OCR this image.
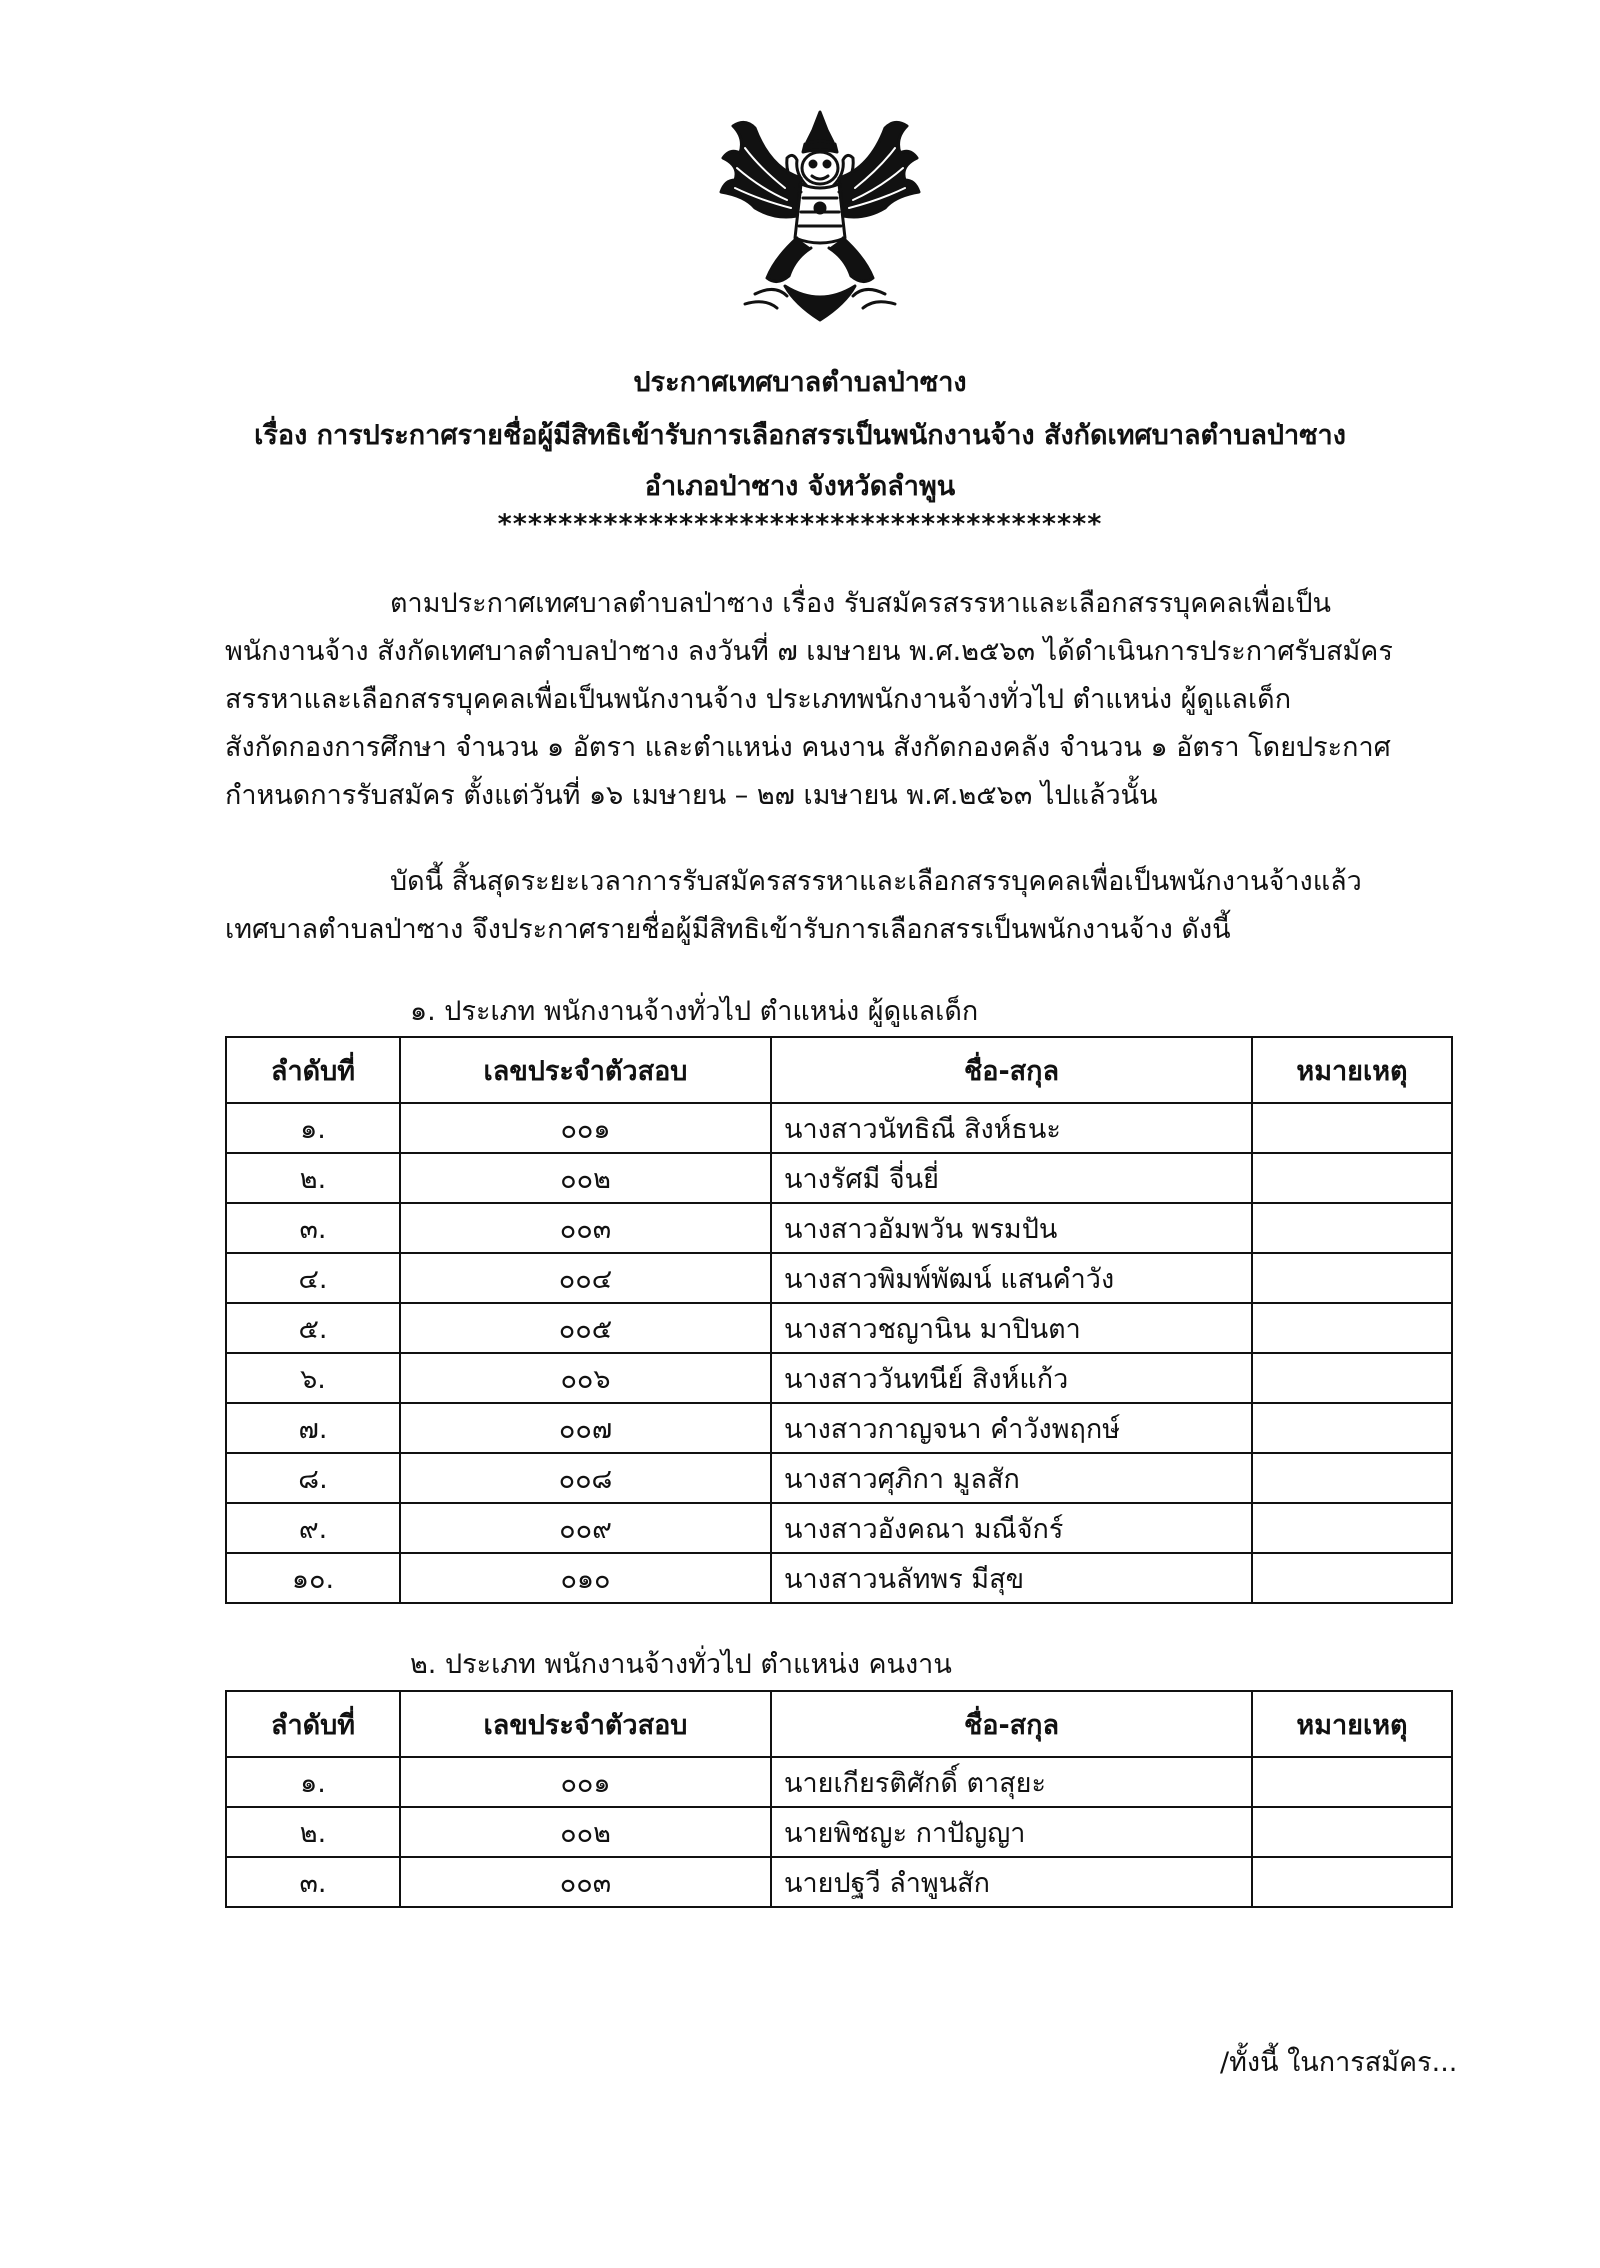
ประกาศเทศบาลตำบลป่าซาง
เรื่อง การประกาศรายชื่อผู้มีสิทธิเข้ารับการเลือกสรรเป็นพนักงานจ้าง สังกัดเทศบาลตำบลป่าซาง
อำเภอป่าซาง จังหวัดลำพูน
****************************************
ตามประกาศเทศบาลตำบลป่าซาง เรื่อง รับสมัครสรรหาและเลือกสรรบุคคลเพื่อเป็น
พนักงานจ้าง สังกัดเทศบาลตำบลป่าซาง ลงวันที่ ๗ เมษายน พ.ศ.๒๕๖๓ ได้ดำเนินการประกาศรับสมัคร
สรรหาและเลือกสรรบุคคลเพื่อเป็นพนักงานจ้าง ประเภทพนักงานจ้างทั่วไป ตำแหน่ง ผู้ดูแลเด็ก
สังกัดกองการศึกษา จำนวน ๑ อัตรา และตำแหน่ง คนงาน สังกัดกองคลัง จำนวน ๑ อัตรา โดยประกาศ
กำหนดการรับสมัคร ตั้งแต่วันที่ ๑๖ เมษายน – ๒๗ เมษายน พ.ศ.๒๕๖๓ ไปแล้วนั้น
บัดนี้ สิ้นสุดระยะเวลาการรับสมัครสรรหาและเลือกสรรบุคคลเพื่อเป็นพนักงานจ้างแล้ว
เทศบาลตำบลป่าซาง จึงประกาศรายชื่อผู้มีสิทธิเข้ารับการเลือกสรรเป็นพนักงานจ้าง ดังนี้
๑. ประเภท พนักงานจ้างทั่วไป ตำแหน่ง ผู้ดูแลเด็ก
ลำดับที่	เลขประจำตัวสอบ	ชื่อ-สกุล	หมายเหตุ
๑.	๐๐๑	นางสาวนัทธิณี สิงห์ธนะ	
๒.	๐๐๒	นางรัศมี จี่นยี่	
๓.	๐๐๓	นางสาวอัมพวัน พรมปัน	
๔.	๐๐๔	นางสาวพิมพ์พัฒน์ แสนคำวัง	
๕.	๐๐๕	นางสาวชญานิน มาปินตา	
๖.	๐๐๖	นางสาววันทนีย์ สิงห์แก้ว	
๗.	๐๐๗	นางสาวกาญจนา คำวังพฤกษ์	
๘.	๐๐๘	นางสาวศุภิกา มูลสัก	
๙.	๐๐๙	นางสาวอังคณา มณีจักร์	
๑๐.	๐๑๐	นางสาวนลัทพร มีสุข	
๒. ประเภท พนักงานจ้างทั่วไป ตำแหน่ง คนงาน
ลำดับที่	เลขประจำตัวสอบ	ชื่อ-สกุล	หมายเหตุ
๑.	๐๐๑	นายเกียรติศักดิ์ ตาสุยะ	
๒.	๐๐๒	นายพิชญะ กาปัญญา	
๓.	๐๐๓	นายปฐวี ลำพูนสัก	
/ทั้งนี้ ในการสมัคร...
